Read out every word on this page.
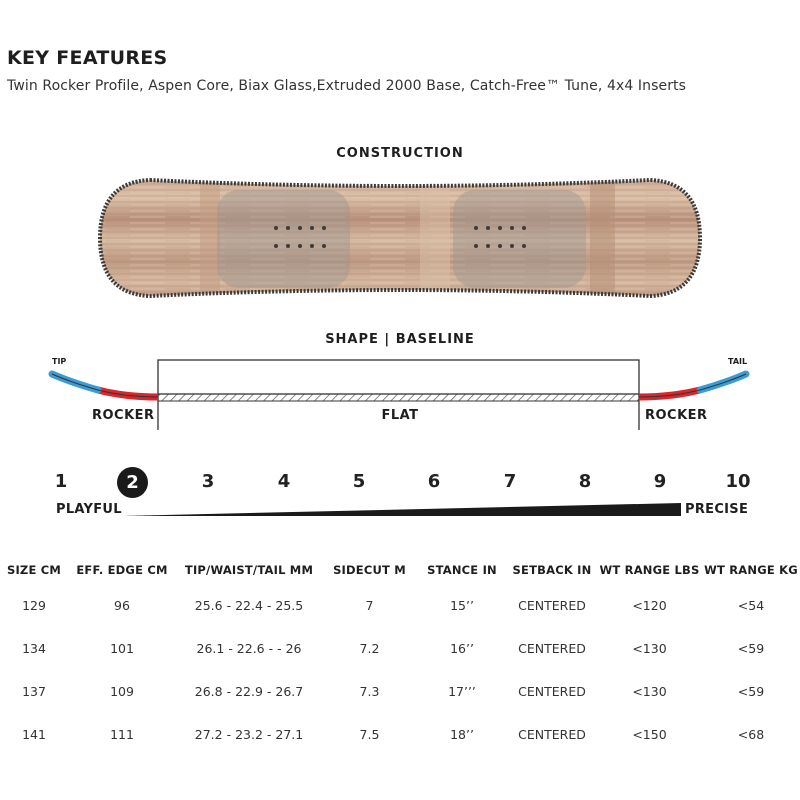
KEY FEATURES
Twin Rocker Profile, Aspen Core, Biax Glass,Extruded 2000 Base, Catch-Free™ Tune, 4x4 Inserts
CONSTRUCTION
SHAPE | BASELINE
TIP	TAIL
ROCKER	FLAT	ROCKER
1	2	3	4	5	6	7	8	9	10
PLAYFUL	PRECISE
SIZE CM	EFF. EDGE CM	TIP/WAIST/TAIL MM	SIDECUT M	STANCE IN	SETBACK IN	WT RANGE LBS	WT RANGE KG
129	96	25.6 - 22.4 - 25.5	7	15’’	CENTERED	<120	<54
134	101	26.1 - 22.6 - - 26	7.2	16’’	CENTERED	<130	<59
137	109	26.8 - 22.9 - 26.7	7.3	17’’’	CENTERED	<130	<59
141	111	27.2 - 23.2 - 27.1	7.5	18’’	CENTERED	<150	<68
